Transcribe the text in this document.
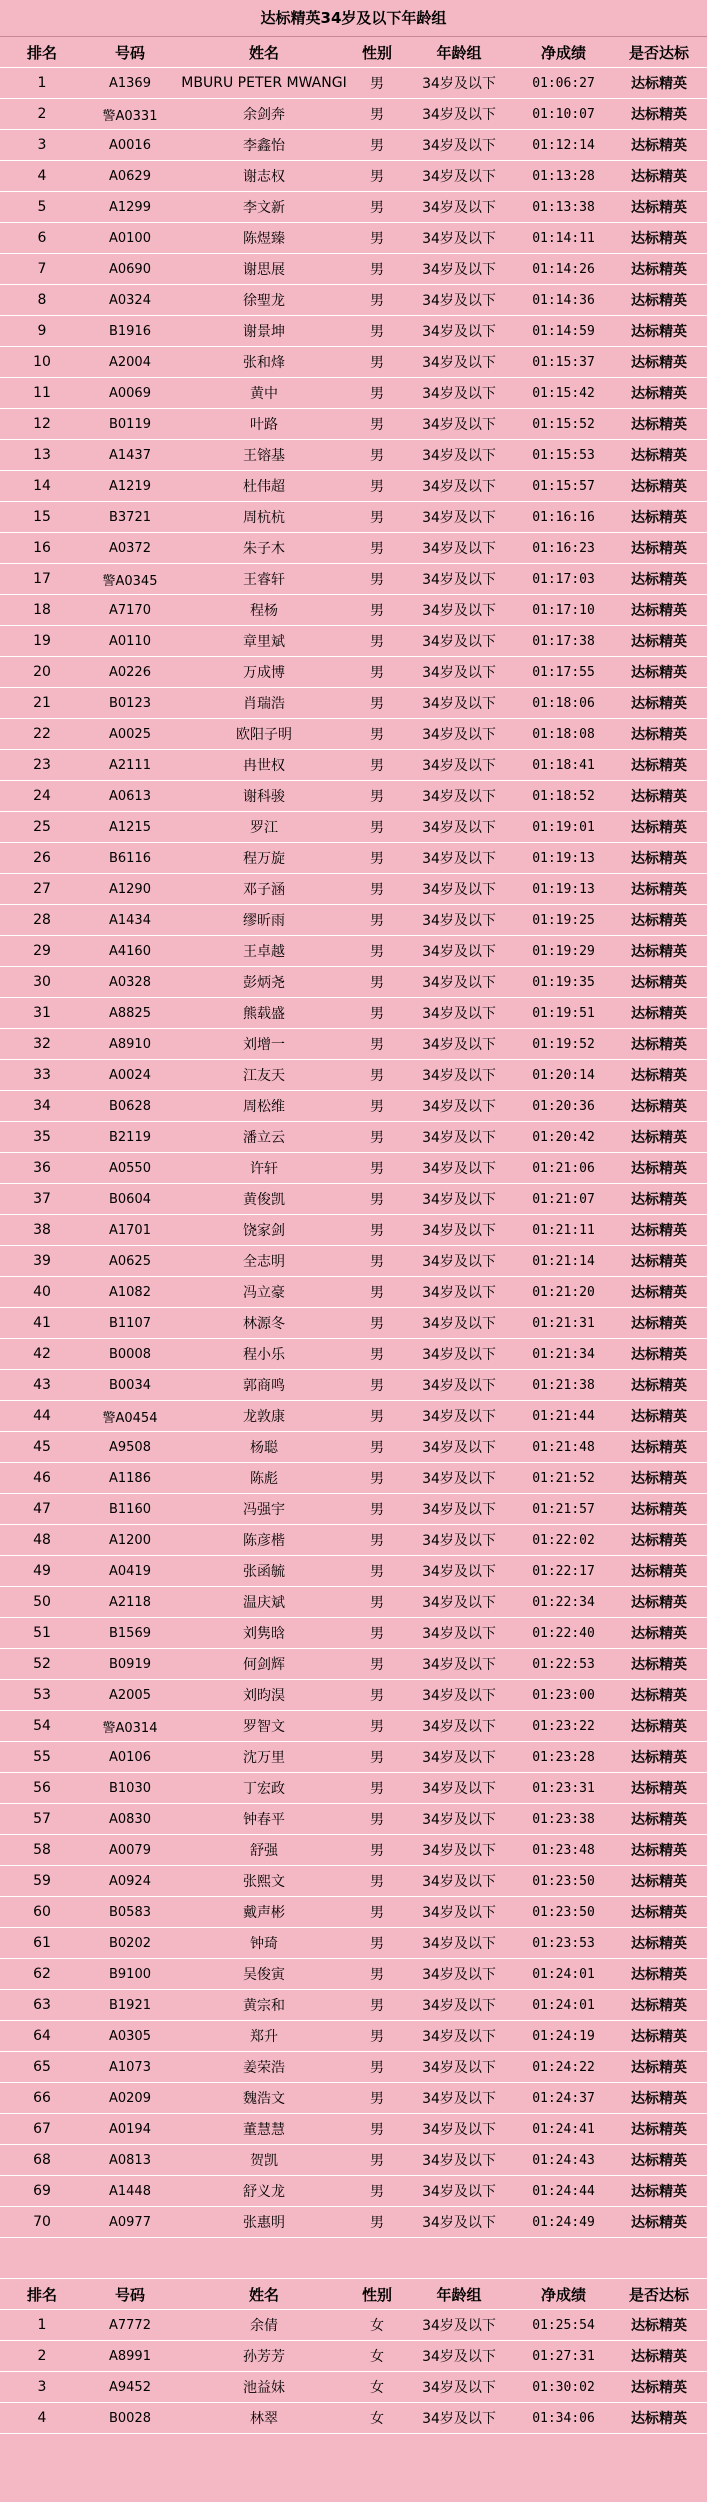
达标精英34岁及以下年龄组
排名	号码	姓名	性别	年龄组	净成绩	是否达标
1	A1369	MBURU PETER MWANGI	男	34岁及以下	01:06:27	达标精英
2	警A0331	余剑奔	男	34岁及以下	01:10:07	达标精英
3	A0016	李鑫怡	男	34岁及以下	01:12:14	达标精英
4	A0629	谢志权	男	34岁及以下	01:13:28	达标精英
5	A1299	李文新	男	34岁及以下	01:13:38	达标精英
6	A0100	陈煜臻	男	34岁及以下	01:14:11	达标精英
7	A0690	谢思展	男	34岁及以下	01:14:26	达标精英
8	A0324	徐聖龙	男	34岁及以下	01:14:36	达标精英
9	B1916	谢景坤	男	34岁及以下	01:14:59	达标精英
10	A2004	张和烽	男	34岁及以下	01:15:37	达标精英
11	A0069	黄中	男	34岁及以下	01:15:42	达标精英
12	B0119	叶路	男	34岁及以下	01:15:52	达标精英
13	A1437	王镕基	男	34岁及以下	01:15:53	达标精英
14	A1219	杜伟超	男	34岁及以下	01:15:57	达标精英
15	B3721	周杭杭	男	34岁及以下	01:16:16	达标精英
16	A0372	朱子木	男	34岁及以下	01:16:23	达标精英
17	警A0345	王睿轩	男	34岁及以下	01:17:03	达标精英
18	A7170	程杨	男	34岁及以下	01:17:10	达标精英
19	A0110	章里斌	男	34岁及以下	01:17:38	达标精英
20	A0226	万成博	男	34岁及以下	01:17:55	达标精英
21	B0123	肖瑞浩	男	34岁及以下	01:18:06	达标精英
22	A0025	欧阳子明	男	34岁及以下	01:18:08	达标精英
23	A2111	冉世权	男	34岁及以下	01:18:41	达标精英
24	A0613	谢科骏	男	34岁及以下	01:18:52	达标精英
25	A1215	罗江	男	34岁及以下	01:19:01	达标精英
26	B6116	程万旋	男	34岁及以下	01:19:13	达标精英
27	A1290	邓子涵	男	34岁及以下	01:19:13	达标精英
28	A1434	缪昕雨	男	34岁及以下	01:19:25	达标精英
29	A4160	王卓越	男	34岁及以下	01:19:29	达标精英
30	A0328	彭炳尧	男	34岁及以下	01:19:35	达标精英
31	A8825	熊载盛	男	34岁及以下	01:19:51	达标精英
32	A8910	刘增一	男	34岁及以下	01:19:52	达标精英
33	A0024	江友天	男	34岁及以下	01:20:14	达标精英
34	B0628	周松维	男	34岁及以下	01:20:36	达标精英
35	B2119	潘立云	男	34岁及以下	01:20:42	达标精英
36	A0550	许轩	男	34岁及以下	01:21:06	达标精英
37	B0604	黄俊凯	男	34岁及以下	01:21:07	达标精英
38	A1701	饶家剑	男	34岁及以下	01:21:11	达标精英
39	A0625	全志明	男	34岁及以下	01:21:14	达标精英
40	A1082	冯立豪	男	34岁及以下	01:21:20	达标精英
41	B1107	林源冬	男	34岁及以下	01:21:31	达标精英
42	B0008	程小乐	男	34岁及以下	01:21:34	达标精英
43	B0034	郭商鸣	男	34岁及以下	01:21:38	达标精英
44	警A0454	龙敦康	男	34岁及以下	01:21:44	达标精英
45	A9508	杨聪	男	34岁及以下	01:21:48	达标精英
46	A1186	陈彪	男	34岁及以下	01:21:52	达标精英
47	B1160	冯强宇	男	34岁及以下	01:21:57	达标精英
48	A1200	陈彦楷	男	34岁及以下	01:22:02	达标精英
49	A0419	张函毓	男	34岁及以下	01:22:17	达标精英
50	A2118	温庆斌	男	34岁及以下	01:22:34	达标精英
51	B1569	刘隽晗	男	34岁及以下	01:22:40	达标精英
52	B0919	何剑辉	男	34岁及以下	01:22:53	达标精英
53	A2005	刘昀淏	男	34岁及以下	01:23:00	达标精英
54	警A0314	罗智文	男	34岁及以下	01:23:22	达标精英
55	A0106	沈万里	男	34岁及以下	01:23:28	达标精英
56	B1030	丁宏政	男	34岁及以下	01:23:31	达标精英
57	A0830	钟春平	男	34岁及以下	01:23:38	达标精英
58	A0079	舒强	男	34岁及以下	01:23:48	达标精英
59	A0924	张熙文	男	34岁及以下	01:23:50	达标精英
60	B0583	戴声彬	男	34岁及以下	01:23:50	达标精英
61	B0202	钟琦	男	34岁及以下	01:23:53	达标精英
62	B9100	吴俊寅	男	34岁及以下	01:24:01	达标精英
63	B1921	黄宗和	男	34岁及以下	01:24:01	达标精英
64	A0305	郑升	男	34岁及以下	01:24:19	达标精英
65	A1073	姜荣浩	男	34岁及以下	01:24:22	达标精英
66	A0209	魏浩文	男	34岁及以下	01:24:37	达标精英
67	A0194	董慧慧	男	34岁及以下	01:24:41	达标精英
68	A0813	贺凯	男	34岁及以下	01:24:43	达标精英
69	A1448	舒义龙	男	34岁及以下	01:24:44	达标精英
70	A0977	张惠明	男	34岁及以下	01:24:49	达标精英
排名	号码	姓名	性别	年龄组	净成绩	是否达标
1	A7772	余倩	女	34岁及以下	01:25:54	达标精英
2	A8991	孙芳芳	女	34岁及以下	01:27:31	达标精英
3	A9452	池益妹	女	34岁及以下	01:30:02	达标精英
4	B0028	林翠	女	34岁及以下	01:34:06	达标精英
